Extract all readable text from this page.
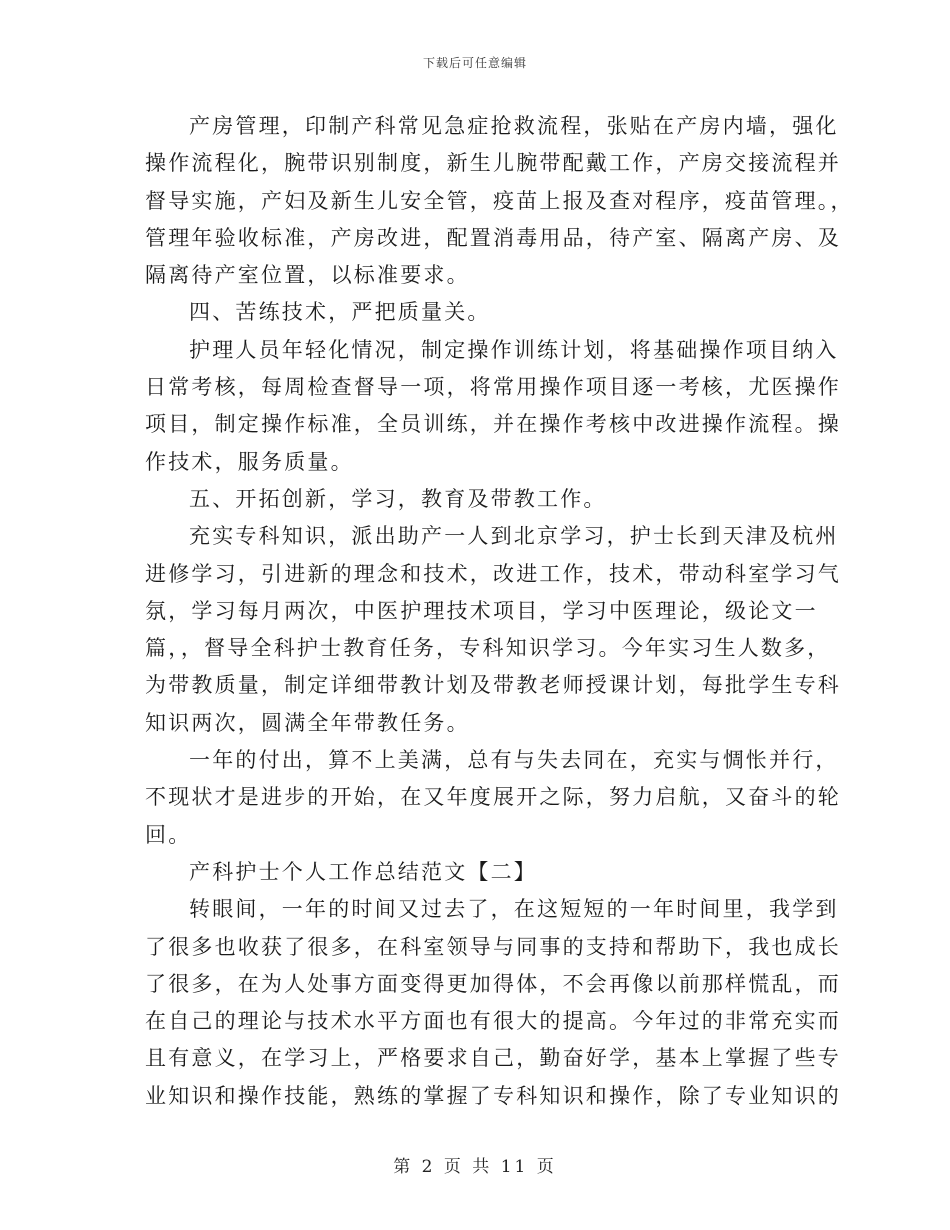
下载后可任意编辑
产房管理，印制产科常见急症抢救流程，张贴在产房内墙，强化
操作流程化，腕带识别制度，新生儿腕带配戴工作，产房交接流程并
督导实施，产妇及新生儿安全管，疫苗上报及查对程序，疫苗管理。，
管理年验收标准，产房改进，配置消毒用品，待产室、隔离产房、及
隔离待产室位置，以标准要求。
四、苦练技术，严把质量关。
护理人员年轻化情况，制定操作训练计划，将基础操作项目纳入
日常考核，每周检查督导一项，将常用操作项目逐一考核，尤医操作
项目，制定操作标准，全员训练，并在操作考核中改进操作流程。操
作技术，服务质量。
五、开拓创新，学习，教育及带教工作。
充实专科知识，派出助产一人到北京学习，护士长到天津及杭州
进修学习，引进新的理念和技术，改进工作，技术，带动科室学习气
氛，学习每月两次，中医护理技术项目，学习中医理论，级论文一
篇，，督导全科护士教育任务，专科知识学习。今年实习生人数多，
为带教质量，制定详细带教计划及带教老师授课计划，每批学生专科
知识两次，圆满全年带教任务。
一年的付出，算不上美满，总有与失去同在，充实与惆怅并行，
不现状才是进步的开始，在又年度展开之际，努力启航，又奋斗的轮
回。
产科护士个人工作总结范文【二】
转眼间，一年的时间又过去了，在这短短的一年时间里，我学到
了很多也收获了很多，在科室领导与同事的支持和帮助下，我也成长
了很多，在为人处事方面变得更加得体，不会再像以前那样慌乱，而
在自己的理论与技术水平方面也有很大的提高。今年过的非常充实而
且有意义，在学习上，严格要求自己，勤奋好学，基本上掌握了些专
业知识和操作技能，熟练的掌握了专科知识和操作，除了专业知识的
第 2 页 共 11 页
